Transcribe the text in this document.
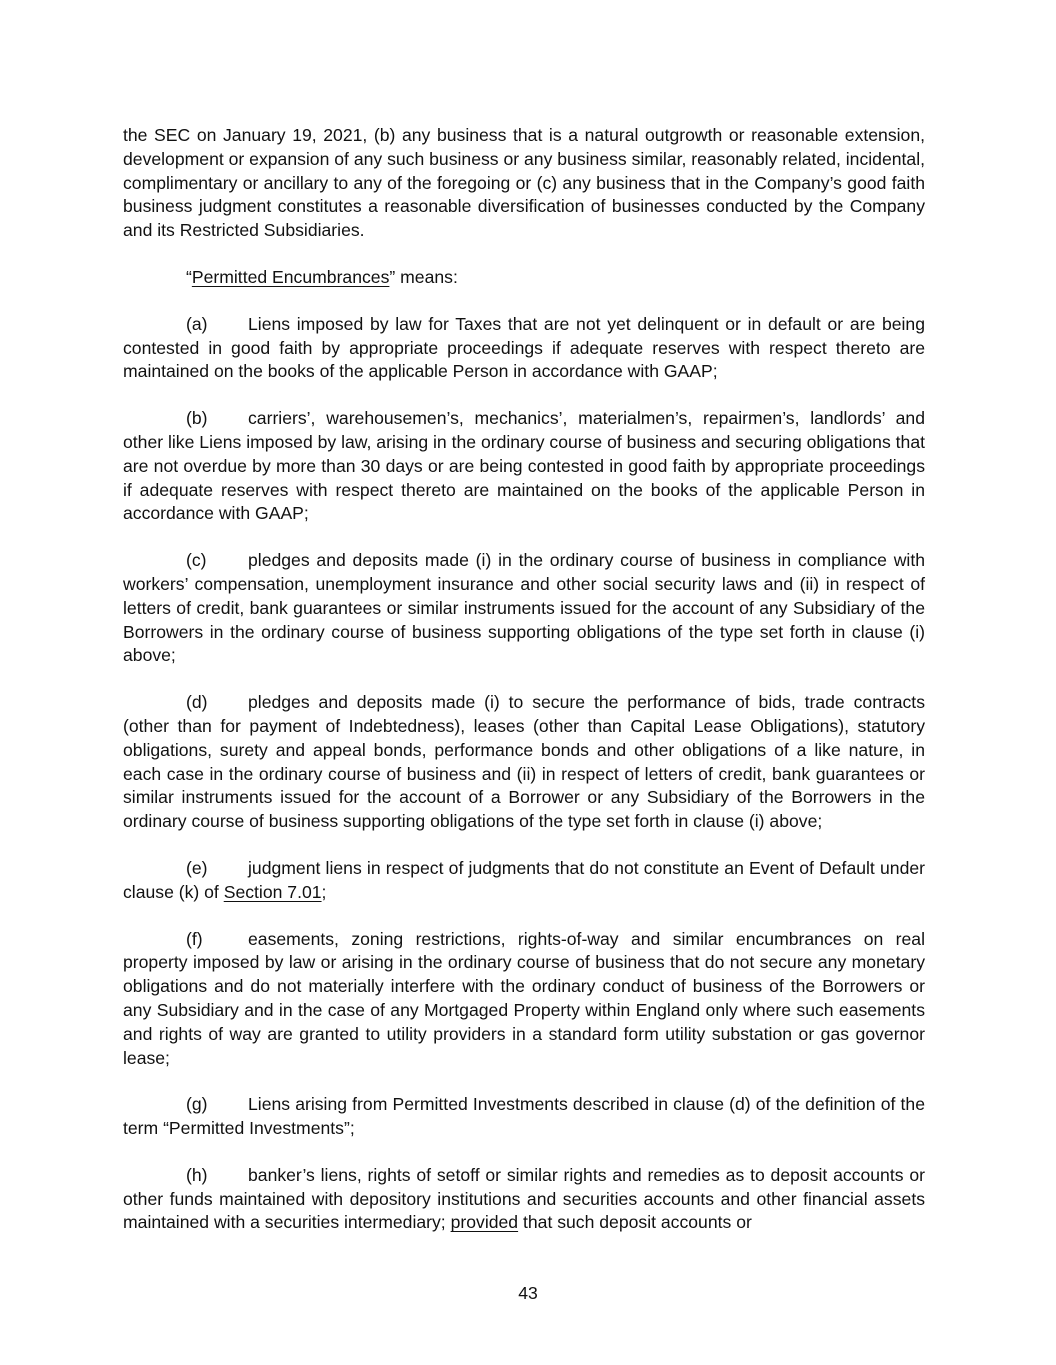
the SEC on January 19, 2021, (b) any business that is a natural outgrowth or reasonable extension, development or expansion of any such business or any business similar, reasonably related, incidental, complimentary or ancillary to any of the foregoing or (c) any business that in the Company’s good faith business judgment constitutes a reasonable diversification of businesses conducted by the Company and its Restricted Subsidiaries.

“Permitted Encumbrances” means:

(a) Liens imposed by law for Taxes that are not yet delinquent or in default or are being contested in good faith by appropriate proceedings if adequate reserves with respect thereto are maintained on the books of the applicable Person in accordance with GAAP;

(b) carriers’, warehousemen’s, mechanics’, materialmen’s, repairmen’s, landlords’ and other like Liens imposed by law, arising in the ordinary course of business and securing obligations that are not overdue by more than 30 days or are being contested in good faith by appropriate proceedings if adequate reserves with respect thereto are maintained on the books of the applicable Person in accordance with GAAP;

(c) pledges and deposits made (i) in the ordinary course of business in compliance with workers’ compensation, unemployment insurance and other social security laws and (ii) in respect of letters of credit, bank guarantees or similar instruments issued for the account of any Subsidiary of the Borrowers in the ordinary course of business supporting obligations of the type set forth in clause (i) above;

(d) pledges and deposits made (i) to secure the performance of bids, trade contracts (other than for payment of Indebtedness), leases (other than Capital Lease Obligations), statutory obligations, surety and appeal bonds, performance bonds and other obligations of a like nature, in each case in the ordinary course of business and (ii) in respect of letters of credit, bank guarantees or similar instruments issued for the account of a Borrower or any Subsidiary of the Borrowers in the ordinary course of business supporting obligations of the type set forth in clause (i) above;

(e) judgment liens in respect of judgments that do not constitute an Event of Default under clause (k) of Section 7.01;

(f)	easements, zoning restrictions, rights-of-way and similar encumbrances on real property imposed by law or arising in the ordinary course of business that do not secure any monetary obligations and do not materially interfere with the ordinary conduct of business of the Borrowers or any Subsidiary and in the case of any Mortgaged Property within England only where such easements and rights of way are granted to utility providers in a standard form utility substation or gas governor lease;

(g) Liens arising from Permitted Investments described in clause (d) of the definition of the term “Permitted Investments”;

(h) banker’s liens, rights of setoff or similar rights and remedies as to deposit accounts or other funds maintained with depository institutions and securities accounts and other financial assets maintained with a securities intermediary; provided that such deposit accounts or

43
